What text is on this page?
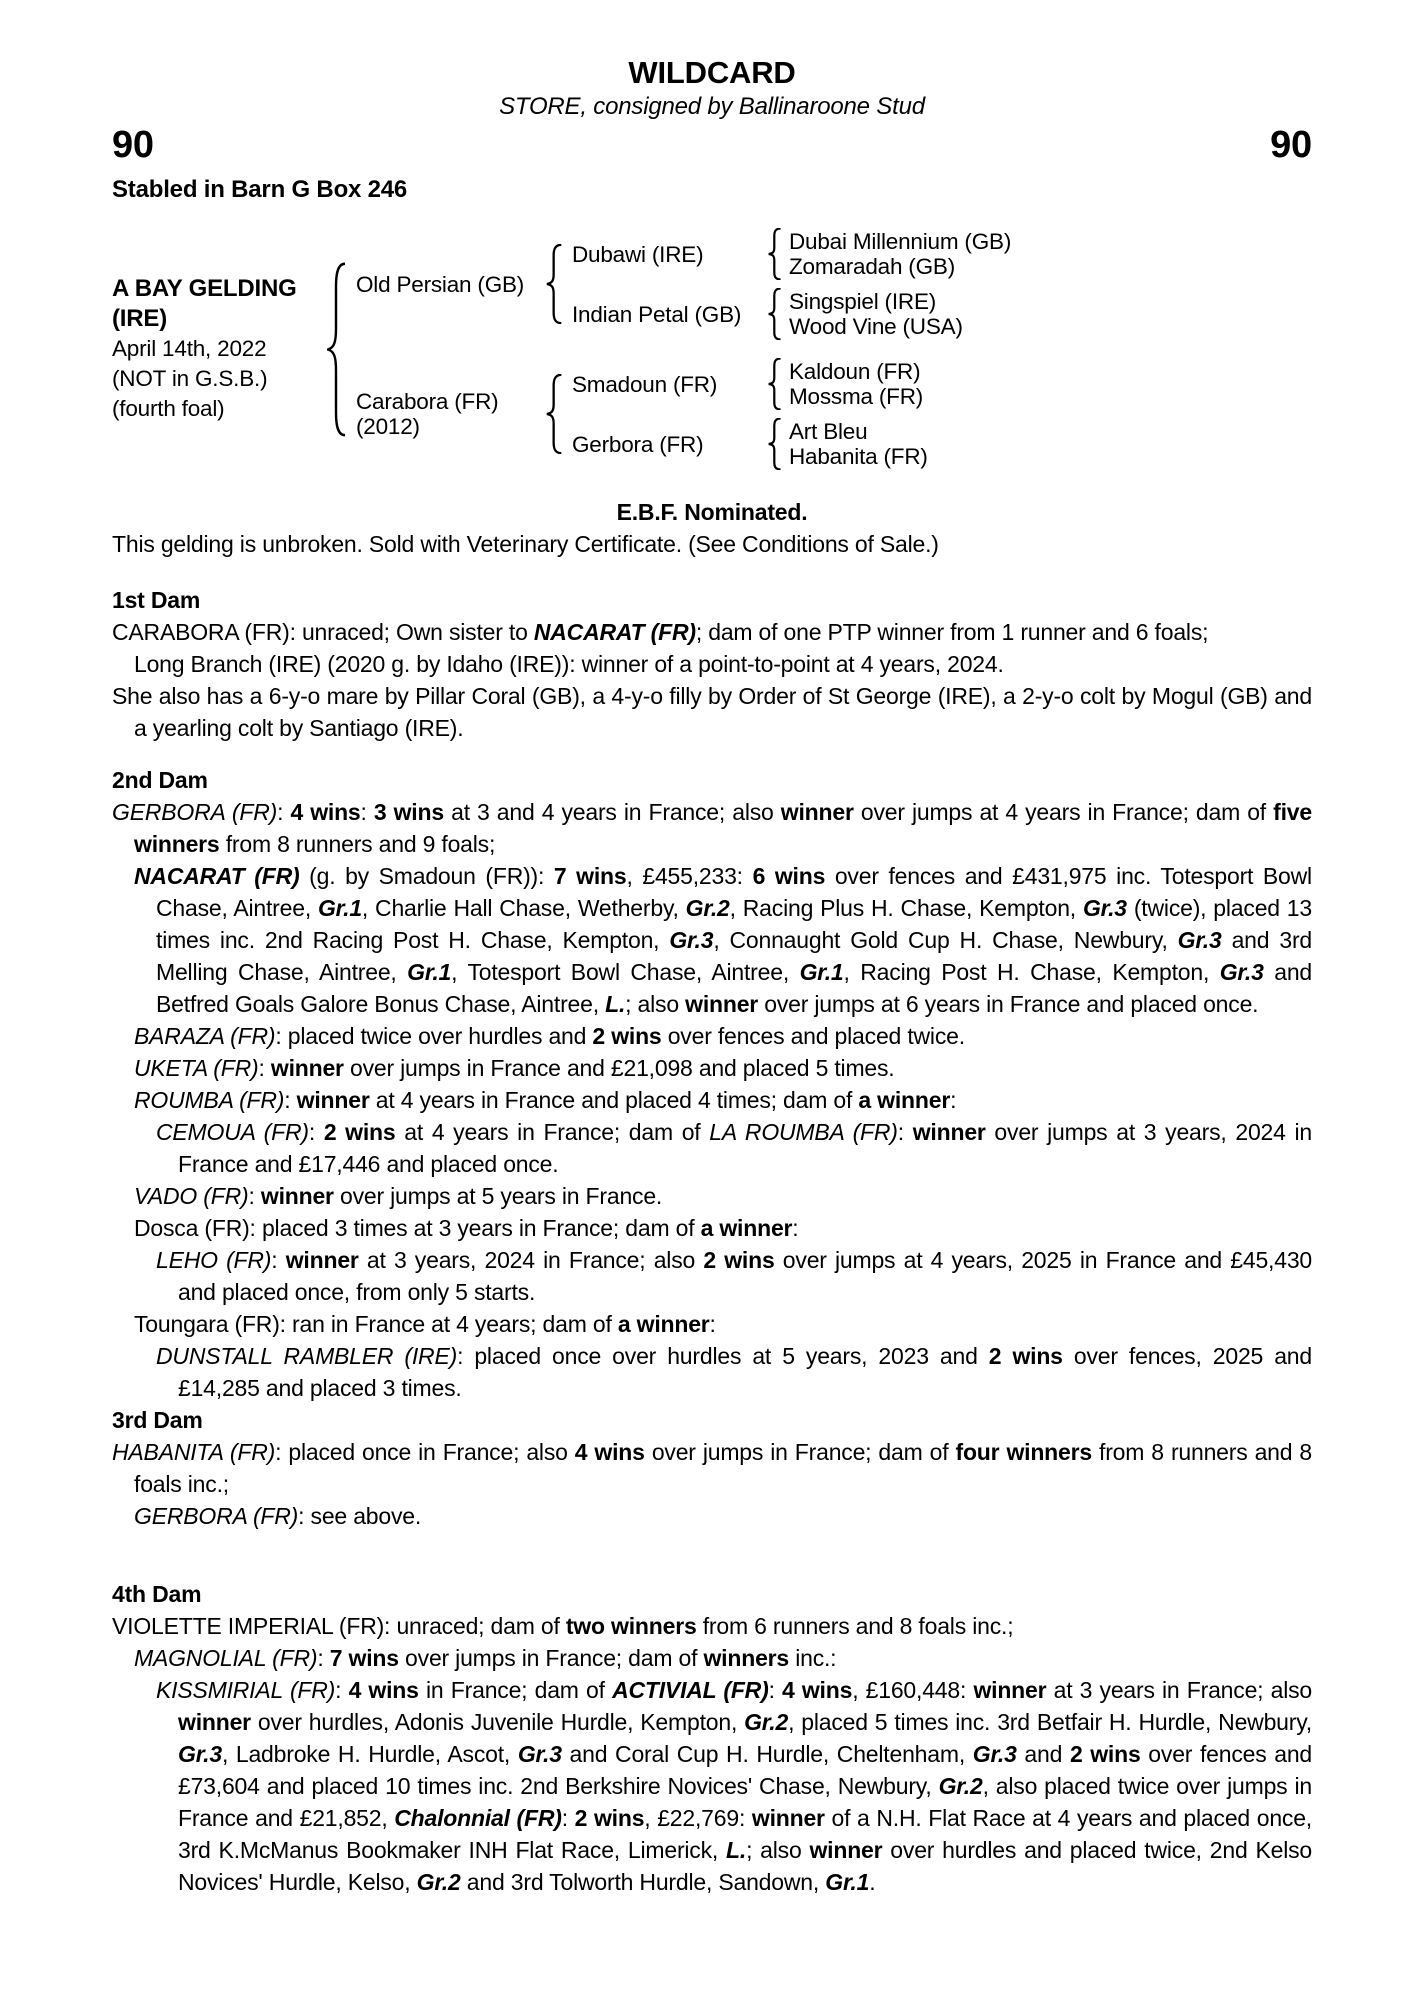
WILDCARD
STORE, consigned by Ballinaroone Stud
90	90
Stabled in Barn G Box 246
A BAY GELDING (IRE)
April 14th, 2022
(NOT in G.S.B.)
(fourth foal)
Old Persian (GB)
Dubawi (IRE)	Dubai Millennium (GB)
Zomaradah (GB)
Indian Petal (GB)	Singspiel (IRE)
Wood Vine (USA)
Carabora (FR)
(2012)
Smadoun (FR)	Kaldoun (FR)
Mossma (FR)
Gerbora (FR)	Art Bleu
Habanita (FR)
E.B.F. Nominated.
This gelding is unbroken. Sold with Veterinary Certificate. (See Conditions of Sale.)
1st Dam

CARABORA (FR): unraced; Own sister to NACARAT (FR); dam of one PTP winner from 1 runner and 6 foals;

Long Branch (IRE) (2020 g. by Idaho (IRE)): winner of a point-to-point at 4 years, 2024.

She also has a 6-y-o mare by Pillar Coral (GB), a 4-y-o filly by Order of St George (IRE), a 2-y-o colt by Mogul (GB) and a yearling colt by Santiago (IRE).

2nd Dam

GERBORA (FR): 4 wins: 3 wins at 3 and 4 years in France; also winner over jumps at 4 years in France; dam of five winners from 8 runners and 9 foals;

NACARAT (FR) (g. by Smadoun (FR)): 7 wins, £455,233: 6 wins over fences and £431,975 inc. Totesport Bowl Chase, Aintree, Gr.1, Charlie Hall Chase, Wetherby, Gr.2, Racing Plus H. Chase, Kempton, Gr.3 (twice), placed 13 times inc. 2nd Racing Post H. Chase, Kempton, Gr.3, Connaught Gold Cup H. Chase, Newbury, Gr.3 and 3rd Melling Chase, Aintree, Gr.1, Totesport Bowl Chase, Aintree, Gr.1, Racing Post H. Chase, Kempton, Gr.3 and Betfred Goals Galore Bonus Chase, Aintree, L.; also winner over jumps at 6 years in France and placed once.

BARAZA (FR): placed twice over hurdles and 2 wins over fences and placed twice.

UKETA (FR): winner over jumps in France and £21,098 and placed 5 times.

ROUMBA (FR): winner at 4 years in France and placed 4 times; dam of a winner:

CEMOUA (FR): 2 wins at 4 years in France; dam of LA ROUMBA (FR): winner over jumps at 3 years, 2024 in France and £17,446 and placed once.

VADO (FR): winner over jumps at 5 years in France.

Dosca (FR): placed 3 times at 3 years in France; dam of a winner:

LEHO (FR): winner at 3 years, 2024 in France; also 2 wins over jumps at 4 years, 2025 in France and £45,430 and placed once, from only 5 starts.

Toungara (FR): ran in France at 4 years; dam of a winner:

DUNSTALL RAMBLER (IRE): placed once over hurdles at 5 years, 2023 and 2 wins over fences, 2025 and £14,285 and placed 3 times.

3rd Dam

HABANITA (FR): placed once in France; also 4 wins over jumps in France; dam of four winners from 8 runners and 8 foals inc.;

GERBORA (FR): see above.

4th Dam

VIOLETTE IMPERIAL (FR): unraced; dam of two winners from 6 runners and 8 foals inc.;

MAGNOLIAL (FR): 7 wins over jumps in France; dam of winners inc.:

KISSMIRIAL (FR): 4 wins in France; dam of ACTIVIAL (FR): 4 wins, £160,448: winner at 3 years in France; also winner over hurdles, Adonis Juvenile Hurdle, Kempton, Gr.2, placed 5 times inc. 3rd Betfair H. Hurdle, Newbury, Gr.3, Ladbroke H. Hurdle, Ascot, Gr.3 and Coral Cup H. Hurdle, Cheltenham, Gr.3 and 2 wins over fences and £73,604 and placed 10 times inc. 2nd Berkshire Novices' Chase, Newbury, Gr.2, also placed twice over jumps in France and £21,852, Chalonnial (FR): 2 wins, £22,769: winner of a N.H. Flat Race at 4 years and placed once, 3rd K.McManus Bookmaker INH Flat Race, Limerick, L.; also winner over hurdles and placed twice, 2nd Kelso Novices' Hurdle, Kelso, Gr.2 and 3rd Tolworth Hurdle, Sandown, Gr.1.
